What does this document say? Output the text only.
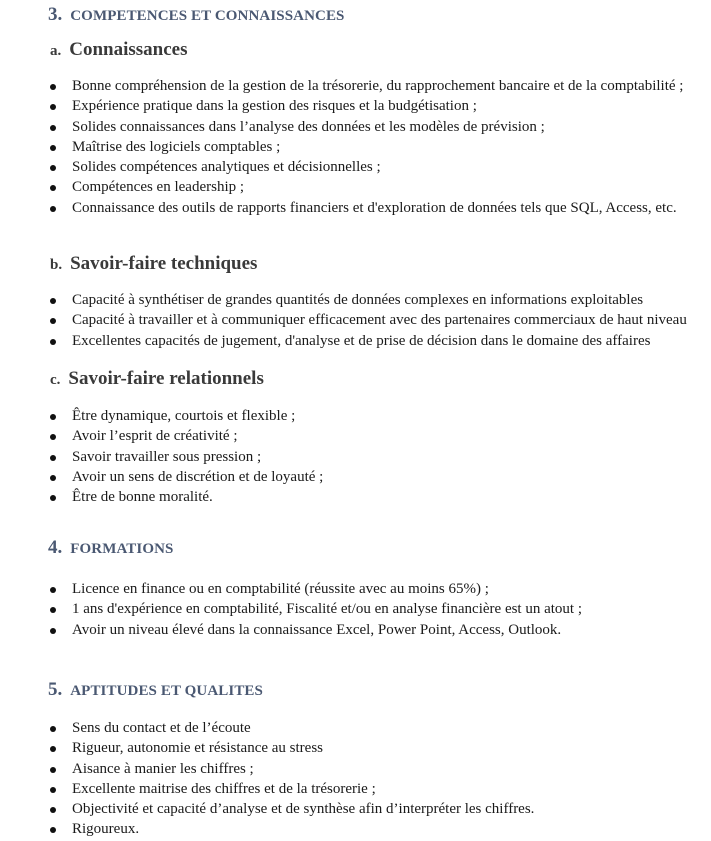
3. COMPETENCES ET CONNAISSANCES
a. Connaissances
Bonne compréhension de la gestion de la trésorerie, du rapprochement bancaire et de la comptabilité ;
Expérience pratique dans la gestion des risques et la budgétisation ;
Solides connaissances dans l’analyse des données et les modèles de prévision ;
Maîtrise des logiciels comptables ;
Solides compétences analytiques et décisionnelles ;
Compétences en leadership ;
Connaissance des outils de rapports financiers et d'exploration de données tels que SQL, Access, etc.
b. Savoir-faire techniques
Capacité à synthétiser de grandes quantités de données complexes en informations exploitables
Capacité à travailler et à communiquer efficacement avec des partenaires commerciaux de haut niveau
Excellentes capacités de jugement, d'analyse et de prise de décision dans le domaine des affaires
c. Savoir-faire relationnels
Être dynamique, courtois et flexible ;
Avoir l’esprit de créativité ;
Savoir travailler sous pression ;
Avoir un sens de discrétion et de loyauté ;
Être de bonne moralité.
4. FORMATIONS
Licence en finance ou en comptabilité (réussite avec au moins 65%) ;
1 ans d'expérience en comptabilité, Fiscalité et/ou en analyse financière est un atout ;
Avoir un niveau élevé dans la connaissance Excel, Power Point, Access, Outlook.
5. APTITUDES ET QUALITES
Sens du contact et de l’écoute
Rigueur, autonomie et résistance au stress
Aisance à manier les chiffres ;
Excellente maitrise des chiffres et de la trésorerie ;
Objectivité et capacité d’analyse et de synthèse afin d’interpréter les chiffres.
Rigoureux.
